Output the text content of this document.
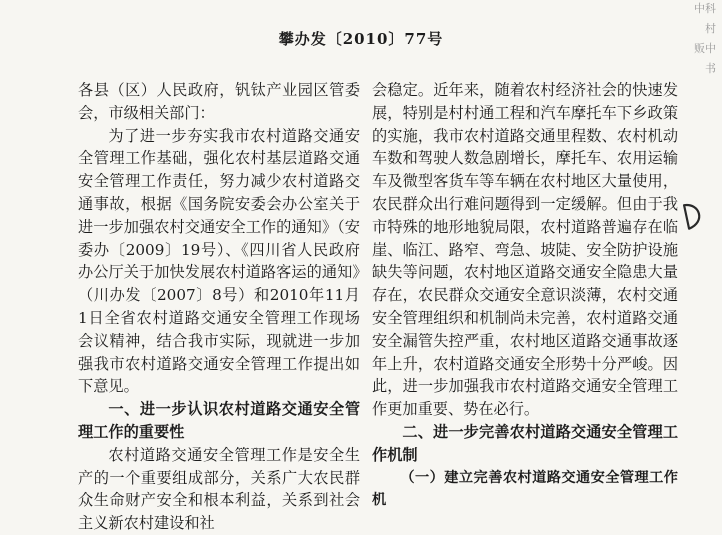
攀办发〔2010〕77号

各县（区）人民政府，钒钛产业园区管委会，市级相关部门：

为了进一步夯实我市农村道路交通安全管理工作基础，强化农村基层道路交通安全管理工作责任，努力减少农村道路交通事故，根据《国务院安委会办公室关于进一步加强农村交通安全工作的通知》（安委办〔2009〕19号）、《四川省人民政府办公厅关于加快发展农村道路客运的通知》（川办发〔2007〕8号）和2010年11月1日全省农村道路交通安全管理工作现场会议精神，结合我市实际，现就进一步加强我市农村道路交通安全管理工作提出如下意见。

一、进一步认识农村道路交通安全管理工作的重要性

农村道路交通安全管理工作是安全生产的一个重要组成部分，关系广大农民群众生命财产安全和根本利益，关系到社会主义新农村建设和社

会稳定。近年来，随着农村经济社会的快速发展，特别是村村通工程和汽车摩托车下乡政策的实施，我市农村道路交通里程数、农村机动车数和驾驶人数急剧增长，摩托车、农用运输车及微型客货车等车辆在农村地区大量使用，农民群众出行难问题得到一定缓解。但由于我市特殊的地形地貌局限，农村道路普遍存在临崖、临江、路窄、弯急、坡陡、安全防护设施缺失等问题，农村地区道路交通安全隐患大量存在，农民群众交通安全意识淡薄，农村交通安全管理组织和机制尚未完善，农村道路交通安全漏管失控严重，农村地区道路交通事故逐年上升，农村道路交通安全形势十分严峻。因此，进一步加强我市农村道路交通安全管理工作更加重要、势在必行。

二、进一步完善农村道路交通安全管理工作机制

（一）建立完善农村道路交通安全管理工作机

中科
村
贩中
书
